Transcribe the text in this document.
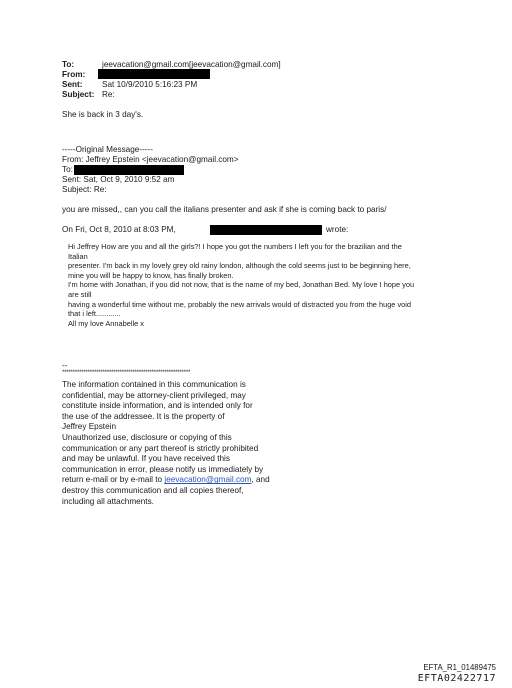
To:	jeevacation@gmail.com[jeevacation@gmail.com]
From:
Sent: Sat 10/9/2010 5:16:23 PM
Subject: Re:
She is back in 3 day's.
-----Original Message-----
From: Jeffrey Epstein <jeevacation@gmail.com>
To:
Sent: Sat, Oct 9, 2010 9:52 am
Subject: Re:
you are missed,, can you call the italians presenter and ask if she is coming back to paris/
On Fri, Oct 8, 2010 at 8:03 PM,	wrote:
Hi Jeffrey How are you and all the girls?! I hope you got the numbers I left you for the brazilian and the
Italian
presenter. I'm back in my lovely grey old rainy london, although the cold seems just to be beginning here,
mine you will be happy to know, has finally broken.
I'm home with Jonathan, if you did not now, that is the name of my bed, Jonathan Bed. My love I hope you
are still
having a wonderful time without me, probably the new arrivals would of distracted you from the huge void
that i left............
All my love Annabelle x
--
************************************************************
The information contained in this communication is
confidential, may be attorney-client privileged, may
constitute inside information, and is intended only for
the use of the addressee. It is the property of
Jeffrey Epstein
Unauthorized use, disclosure or copying of this
communication or any part thereof is strictly prohibited
and may be unlawful. If you have received this
communication in error, please notify us immediately by
return e-mail or by e-mail to jeevacation@gmail.com, and
destroy this communication and all copies thereof,
including all attachments.
EFTA_R1_01489475
EFTA02422717
